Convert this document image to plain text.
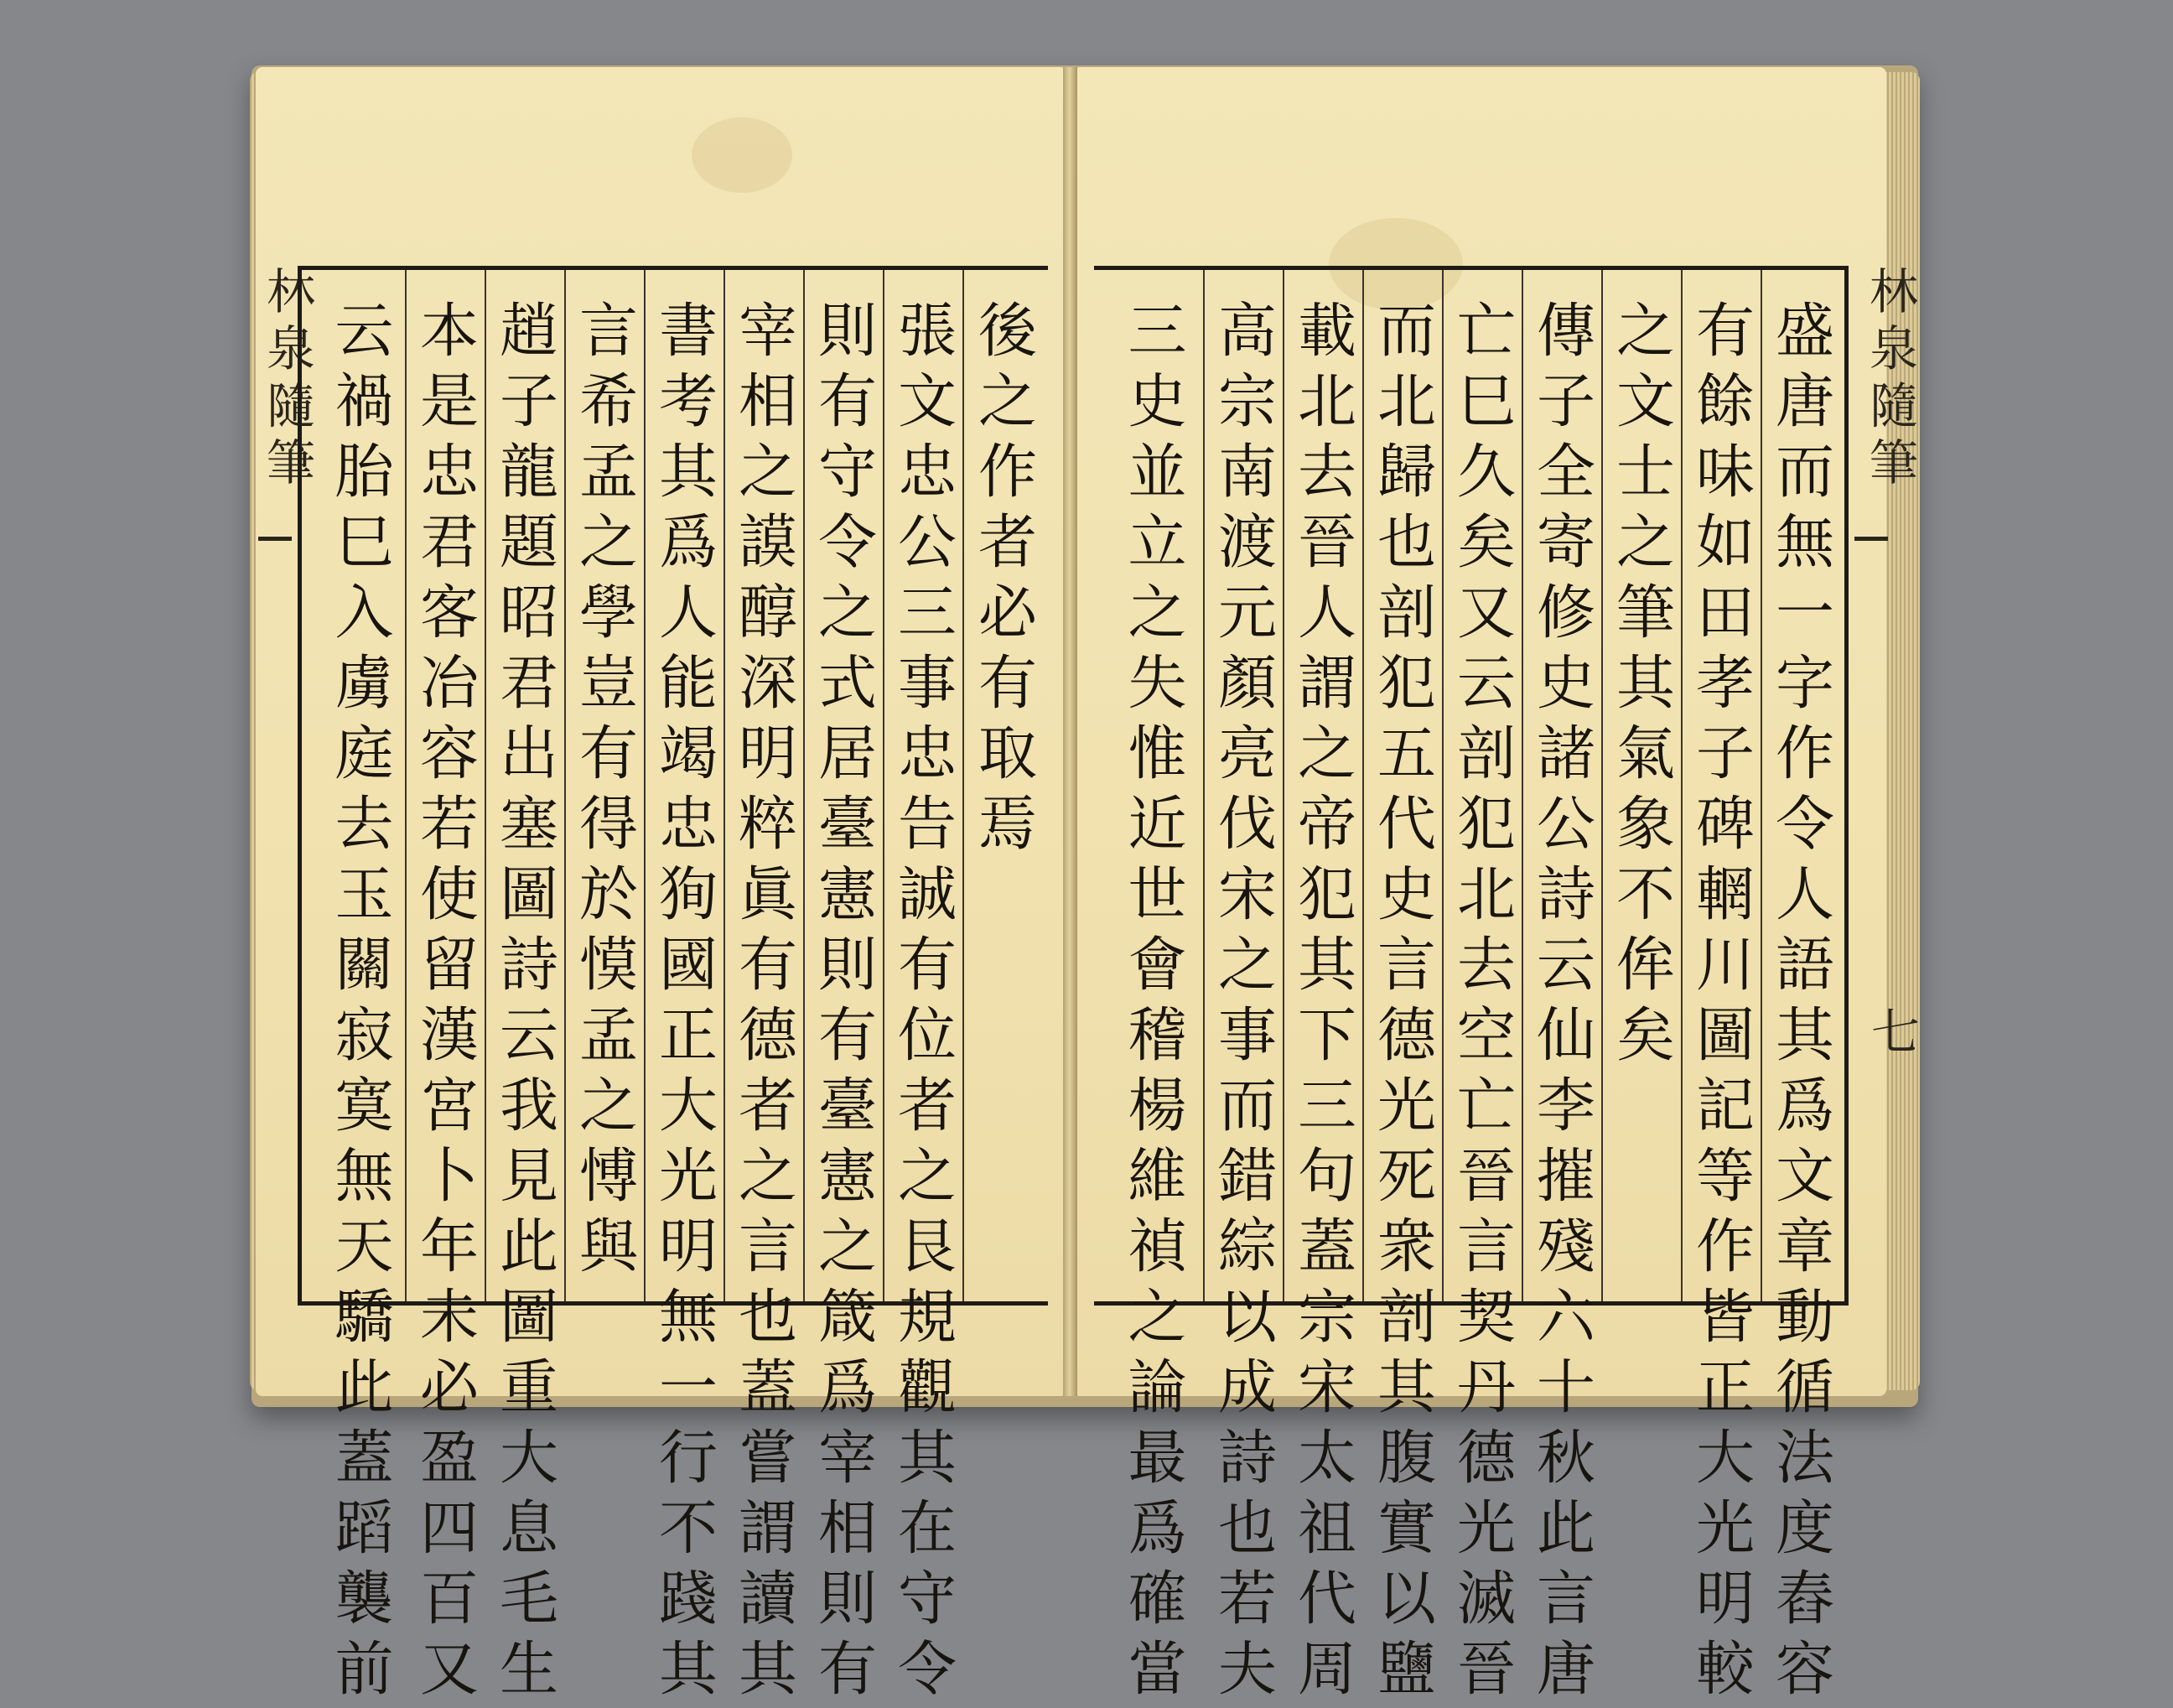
林泉隨筆	林泉隨筆
七
後之作者必有取焉
張文忠公三事忠告誠有位者之艮規觀其在守令
則有守令之式居臺憲則有臺憲之箴爲宰相則有
宰相之謨醇深明粹眞有德者之言也蓋嘗謂讀其
書考其爲人能竭忠狥國正大光明無一行不踐其
言希孟之學豈有得於慔孟之愽與
趙子龍題昭君出塞圖詩云我見此圖重大息毛生
本是忠君客冶容若使留漢宮卜年未必盈四百又
云禍胎巳入虜庭去玉關寂寞無天驕此蓋蹈襲前	盛唐而無一字作令人語其爲文章動循法度舂容
有餘味如田孝子碑輞川圖記等作皆正大光明較
之文士之筆其氣象不侔矣
傳子全寄修史諸公詩云仙李摧殘六十秋此言唐
亡巳久矣又云剖犯北去空亡晉言契丹德光滅晉
而北歸也剖犯五代史言德光死衆剖其腹實以鹽
載北去晉人謂之帝犯其下三句蓋宗宋太祖代周
高宗南渡元顏亮伐宋之事而錯綜以成詩也若夫
三史並立之失惟近世會稽楊維禎之論最爲確當
